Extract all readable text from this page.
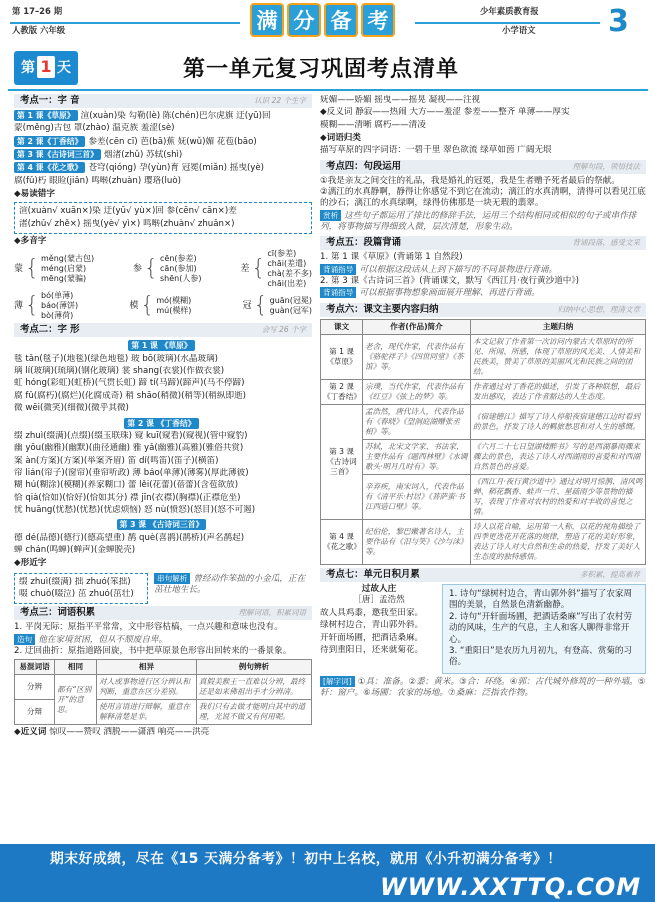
第 17–26 期
人教版 六年级	满 分 备 考	少年素质教育报
小学语文 3
第 1 天	第一单元复习巩固考点清单
考点一：字 音	认识 22 个生字
第 1 课《草原》 渲(xuàn)染 勾勒(lè) 陈(chén)巴尔虎旗 迂(yū)回
蒙(měng)古包 罩(zhào) 温克族 羞涩(sè)
第 2 课《丁香结》 参差(cēn cī) 芭(bā)蕉 妩(wǔ)媚 花苞(bāo)
第 3 课《古诗词三首》 烟渚(zhǔ) 苏轼(shì)
第 4 课《花之歌》 苍穹(qióng) 孕(yùn)育 冠冕(miǎn) 摇曳(yè)
腐(fǔ)朽 眼睑(jiǎn) 鸣啭(zhuàn) 璎珞(luò)
◆易读错字
渲(xuàn√ xuān×)染 迂(yū√ yù×)回 参(cēn√ cān×)差
渚(zhǔ√ zhě×) 摇曳(yè√ yì×) 鸣啭(zhuàn√ zhuǎn×)
◆多音字
蒙 { měng(蒙古包)
méng(启蒙)
mēng(蒙骗)
参 { cēn(参差)
cān(参加)
shēn(人参)
差 {
cī(参差)
chāi(差遣)
chà(差不多)
chāi(出差)
薄 { bó(单薄)
báo(薄饼)
bò(薄荷)
模 { mó(模糊)
mú(模样)
冠 { guān(冠冕)
guàn(冠军)
考点二：字 形	会写 26 个字
第 1 课 《草原》
毯 tǎn(毯子)(地毯)(绿色地毯) 玻 bō(玻璃)(水晶玻璃)
璃 lí(玻璃)(琉璃)(钢化玻璃) 裳 shang(衣裳)(作做衣裳)
虹 hóng(彩虹)(虹桥)(气贯长虹) 蹄 tí(马蹄)(蹄声)(马不停蹄)
腐 fǔ(腐朽)(腐烂)(化腐成奇) 稍 shāo(稍微)(稍等)(稍纵即逝)
微 wēi(微笑)(细微)(微乎其微)
第 2 课 《丁香结》
缀 zhuì(缀满)(点缀)(缀玉联珠) 窥 kuī(窥看)(窥视)(管中窥豹)
幽 yōu(幽雅)(幽默)(曲径通幽) 雅 yǎ(幽雅)(高雅)(雅俗共赏)
案 àn(方案)(方案)(举案齐眉) 笛 dí(鸣笛)(笛子)(横笛)
帘 lián(帘子)(窗帘)(垂帘听政) 薄 báo(单薄)(薄雾)(厚此薄彼)
糊 hú(糊涂)(模糊)(养家糊口) 蕾 lěi(花蕾)(蓓蕾)(含苞欲放)
恰 qià(恰如)(恰好)(恰如其分) 襟 jīn(衣襟)(胸襟)(正襟危坐)
忧 huāng(忧愁)(忧愁)(忧虑烦恼) 怒 nù(愤怒)(怒目)(怒不可遏)
第 3 课 《古诗词三首》
德 dé(品德)(德行)(德高望重) 鹊 què(喜鹊)(鹊桥)(声名鹊起)
蝉 chán(鸣蝉)(蝉声)(金蝉脱壳)
◆形近字
缀 zhuì(缀满) 拙 zhuó(笨拙)
啜 chuò(啜泣) 茁 zhuó(茁壮)
串句解析 曾经动作笨拙的小金瓜，正在茁壮地生长。
考点三：词语积累	理解词语，积累词语
1. 平岗无际：原指平平常常，文中形容枯槁，一点兴趣和意味也没有。
造句 他在家境贫困，但从不颓废自卑。
2. 迂回曲折：原指道路回旋，书中把草原景色形容出回转来的一番景象。
易混词语	相同	相异	例句辨析
分辨	都有“区别开”的意思。	对人或事物进行区分辨认和判断，重意在区分差别。	真假美猴王一直难以分辨，最终还是如来佛祖出手才分辨清。
分辩		使用言语进行辩解，重意在解释清楚是非。	我们只有去做才能明白其中的道理，光说不做又有何用呢。
◆近义词 惊叹——赞叹 洒脱——潇洒 响亮——洪亮
妩媚——娇媚 摇曳——摇晃 凝视——注视
◆反义词 静寂——热闹 大方——羞涩 参差——整齐 单薄——厚实
模糊——清晰 腐朽——清凌
◆词语归类
描写草原的四字词语：一碧千里 翠色欲流 绿草如茵 广阔无垠
考点四：句段运用	理解句段，领悟技法
①我是亲友之间交往的礼品，我是婚礼的冠冕，我是生者赠予死者最后的祭献。
②漓江的水真静啊，静得让你感觉不到它在流动；漓江的水真清啊，清得可以看见江底的沙石；漓江的水真绿啊，绿得仿佛那是一块无瑕的翡翠。
赏析 这些句子都运用了排比的修辞手法，运用三个结构相同或相似的句子或串作排列，将事物描写得细致入微，层次清楚，形象生动。
考点五：段篇背诵	背诵段落，感受文采
1. 第 1 课《草原》(背诵第 1 自然段)
背诵指导 可以根据这段话从上到下描写的不同景物进行背诵。
2. 第 3 课《古诗词三首》(背诵课文，默写《西江月·夜行黄沙道中》)
背诵指导 可以根据事物想象画面展开理解、再进行背诵。
考点六：课文主要内容归纳	归纳中心思想，理清文章
课文	作者(作品)简介	主题归纳
第 1 课
《草原》	老舍，现代作家，代表作品有《骆驼祥子》《四世同堂》《茶馆》等。	本文记叙了作者第一次访问内蒙古大草原时的所见、所闻、所感，体现了草原的风光美、人情美和民族美，赞美了草原的美丽风光和民族之间的团结。
第 2 课
《丁香结》	宗璞，当代作家，代表作品有《红豆》《弦上的梦》等。	作者通过对丁香花的描述，引发了各种联想，最后发出感叹，表达了作者豁达的人生态度。
第 3 课
《古诗词三首》	孟浩然，唐代诗人，代表作品有《春晓》《望洞庭湖赠张丞相》等。	《宿建德江》描写了诗人停船夜宿建德江边时看到的景色，抒发了诗人的羁旅愁思和对人生的感慨。
	苏轼，北宋文学家、书法家，主要作品有《题西林壁》《水调歌头·明月几时有》等。	《六月二十七日望湖楼醉书》写的是西湖暴雨骤来骤去的景色，表达了诗人对西湖雨的喜爱和对西湖自然景色的喜爱。
	辛弃疾，南宋词人，代表作品有《清平乐·村居》《菩萨蛮·书江西造口壁》等。	《西江月·夜行黄沙道中》通过对明月惊鹊、清风鸣蝉、稻花飘香、蛙声一片、星疏雨少等景物的描写，表现了作者对农村的热爱和对丰收的喜悦之情。
第 4 课
《花之歌》	纪伯伦，黎巴嫩著名诗人，主要作品有《泪与笑》《沙与沫》等。	诗人以花自喻，运用第一人称，以花的视角描绘了四季更迭花开花落的规律，塑造了花的美好形象，表达了诗人对大自然和生命的热爱，抒发了美好人生态度的独特感悟。
考点七：单元日积月累	多积累，提高素养
过故人庄
［唐］孟浩然
故人具鸡黍，邀我至田家。
绿树村边合，青山郭外斜。
开轩面场圃，把酒话桑麻。
待到重阳日，还来就菊花。
1. 诗句“绿树村边合，青山郭外斜”描写了农家周围的美景，自然景色清新幽静。
2. 诗句“开轩面场圃，把酒话桑麻”写出了农村劳动的风味，生产的气息，主人和客人聊得非常开心。
3. “重阳日”是农历九月初九，有登高、赏菊的习俗。
[解字词] ①具：准备。②黍：黄米。③合：环绕。④郭：古代城外修筑的一种外墙。⑤轩：窗户。⑥场圃：农家的场地。⑦桑麻：泛指农作物。
期末好成绩，尽在《15 天满分备考》！初中上名校，就用《小升初满分备考》！
WWW.XXTTQ.COM
